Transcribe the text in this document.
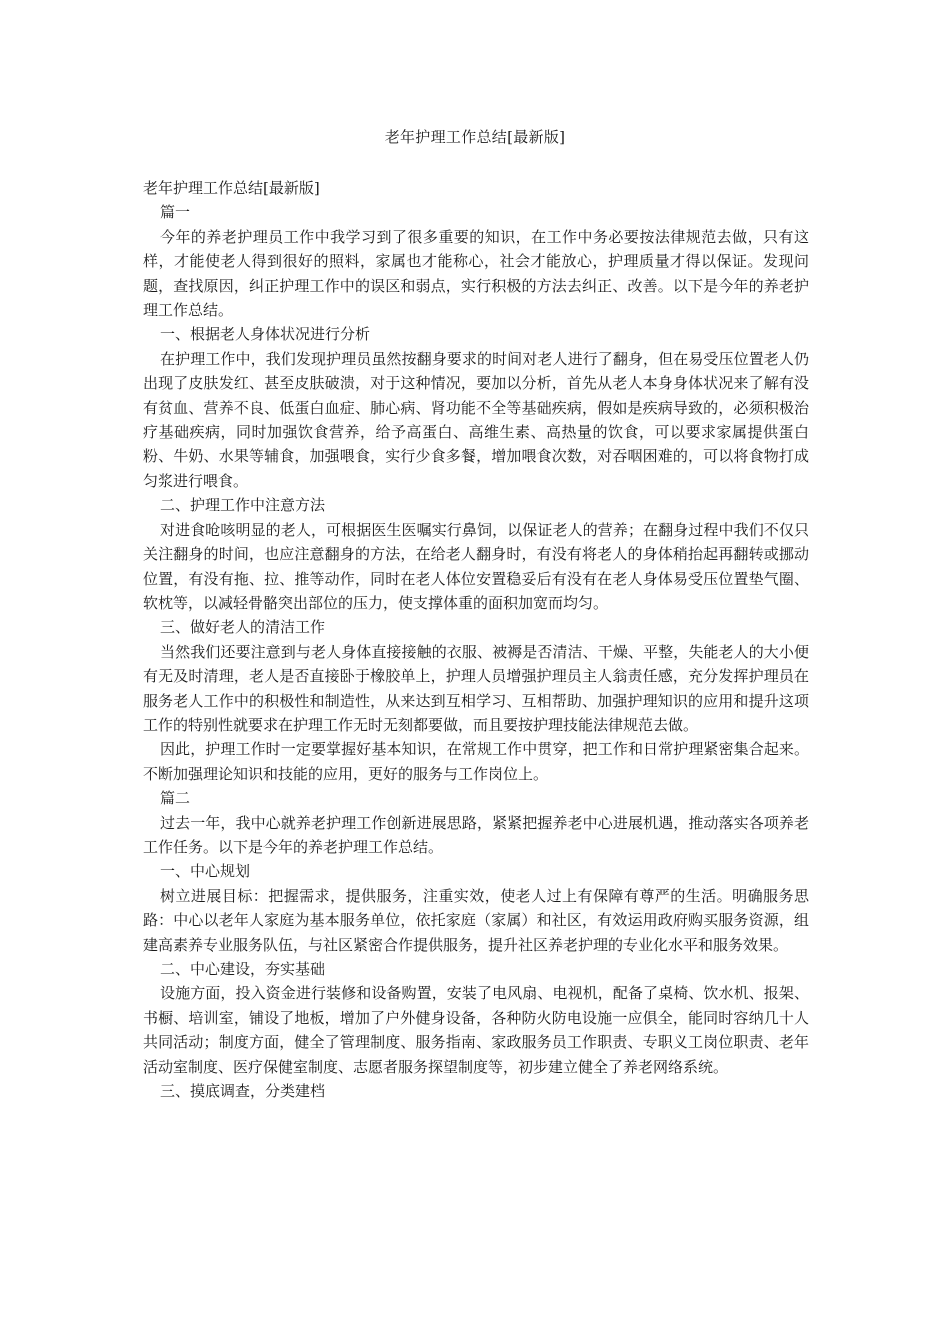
老年护理工作总结[最新版]

老年护理工作总结[最新版]

篇一

今年的养老护理员工作中我学习到了很多重要的知识，在工作中务必要按法律规范去做，只有这样，才能使老人得到很好的照料，家属也才能称心，社会才能放心，护理质量才得以保证。发现问题，查找原因，纠正护理工作中的误区和弱点，实行积极的方法去纠正、改善。以下是今年的养老护理工作总结。

一、根据老人身体状况进行分析

在护理工作中，我们发现护理员虽然按翻身要求的时间对老人进行了翻身，但在易受压位置老人仍出现了皮肤发红、甚至皮肤破溃，对于这种情况，要加以分析，首先从老人本身身体状况来了解有没有贫血、营养不良、低蛋白血症、肺心病、肾功能不全等基础疾病，假如是疾病导致的，必须积极治疗基础疾病，同时加强饮食营养，给予高蛋白、高维生素、高热量的饮食，可以要求家属提供蛋白粉、牛奶、水果等辅食，加强喂食，实行少食多餐，增加喂食次数，对吞咽困难的，可以将食物打成匀浆进行喂食。

二、护理工作中注意方法

对进食呛咳明显的老人，可根据医生医嘱实行鼻饲，以保证老人的营养；在翻身过程中我们不仅只关注翻身的时间，也应注意翻身的方法，在给老人翻身时，有没有将老人的身体稍抬起再翻转或挪动位置，有没有拖、拉、推等动作，同时在老人体位安置稳妥后有没有在老人身体易受压位置垫气圈、软枕等，以减轻骨骼突出部位的压力，使支撑体重的面积加宽而均匀。

三、做好老人的清洁工作

当然我们还要注意到与老人身体直接接触的衣服、被褥是否清洁、干燥、平整，失能老人的大小便有无及时清理，老人是否直接卧于橡胶单上，护理人员增强护理员主人翁责任感，充分发挥护理员在服务老人工作中的积极性和制造性，从来达到互相学习、互相帮助、加强护理知识的应用和提升这项工作的特别性就要求在护理工作无时无刻都要做，而且要按护理技能法律规范去做。

因此，护理工作时一定要掌握好基本知识，在常规工作中贯穿，把工作和日常护理紧密集合起来。不断加强理论知识和技能的应用，更好的服务与工作岗位上。

篇二

过去一年，我中心就养老护理工作创新进展思路，紧紧把握养老中心进展机遇，推动落实各项养老工作任务。以下是今年的养老护理工作总结。

一、中心规划

树立进展目标：把握需求，提供服务，注重实效，使老人过上有保障有尊严的生活。明确服务思路：中心以老年人家庭为基本服务单位，依托家庭（家属）和社区，有效运用政府购买服务资源，组建高素养专业服务队伍，与社区紧密合作提供服务，提升社区养老护理的专业化水平和服务效果。

二、中心建设，夯实基础

设施方面，投入资金进行装修和设备购置，安装了电风扇、电视机，配备了桌椅、饮水机、报架、书橱、培训室，铺设了地板，增加了户外健身设备，各种防火防电设施一应俱全，能同时容纳几十人共同活动；制度方面，健全了管理制度、服务指南、家政服务员工作职责、专职义工岗位职责、老年活动室制度、医疗保健室制度、志愿者服务探望制度等，初步建立健全了养老网络系统。

三、摸底调查，分类建档
